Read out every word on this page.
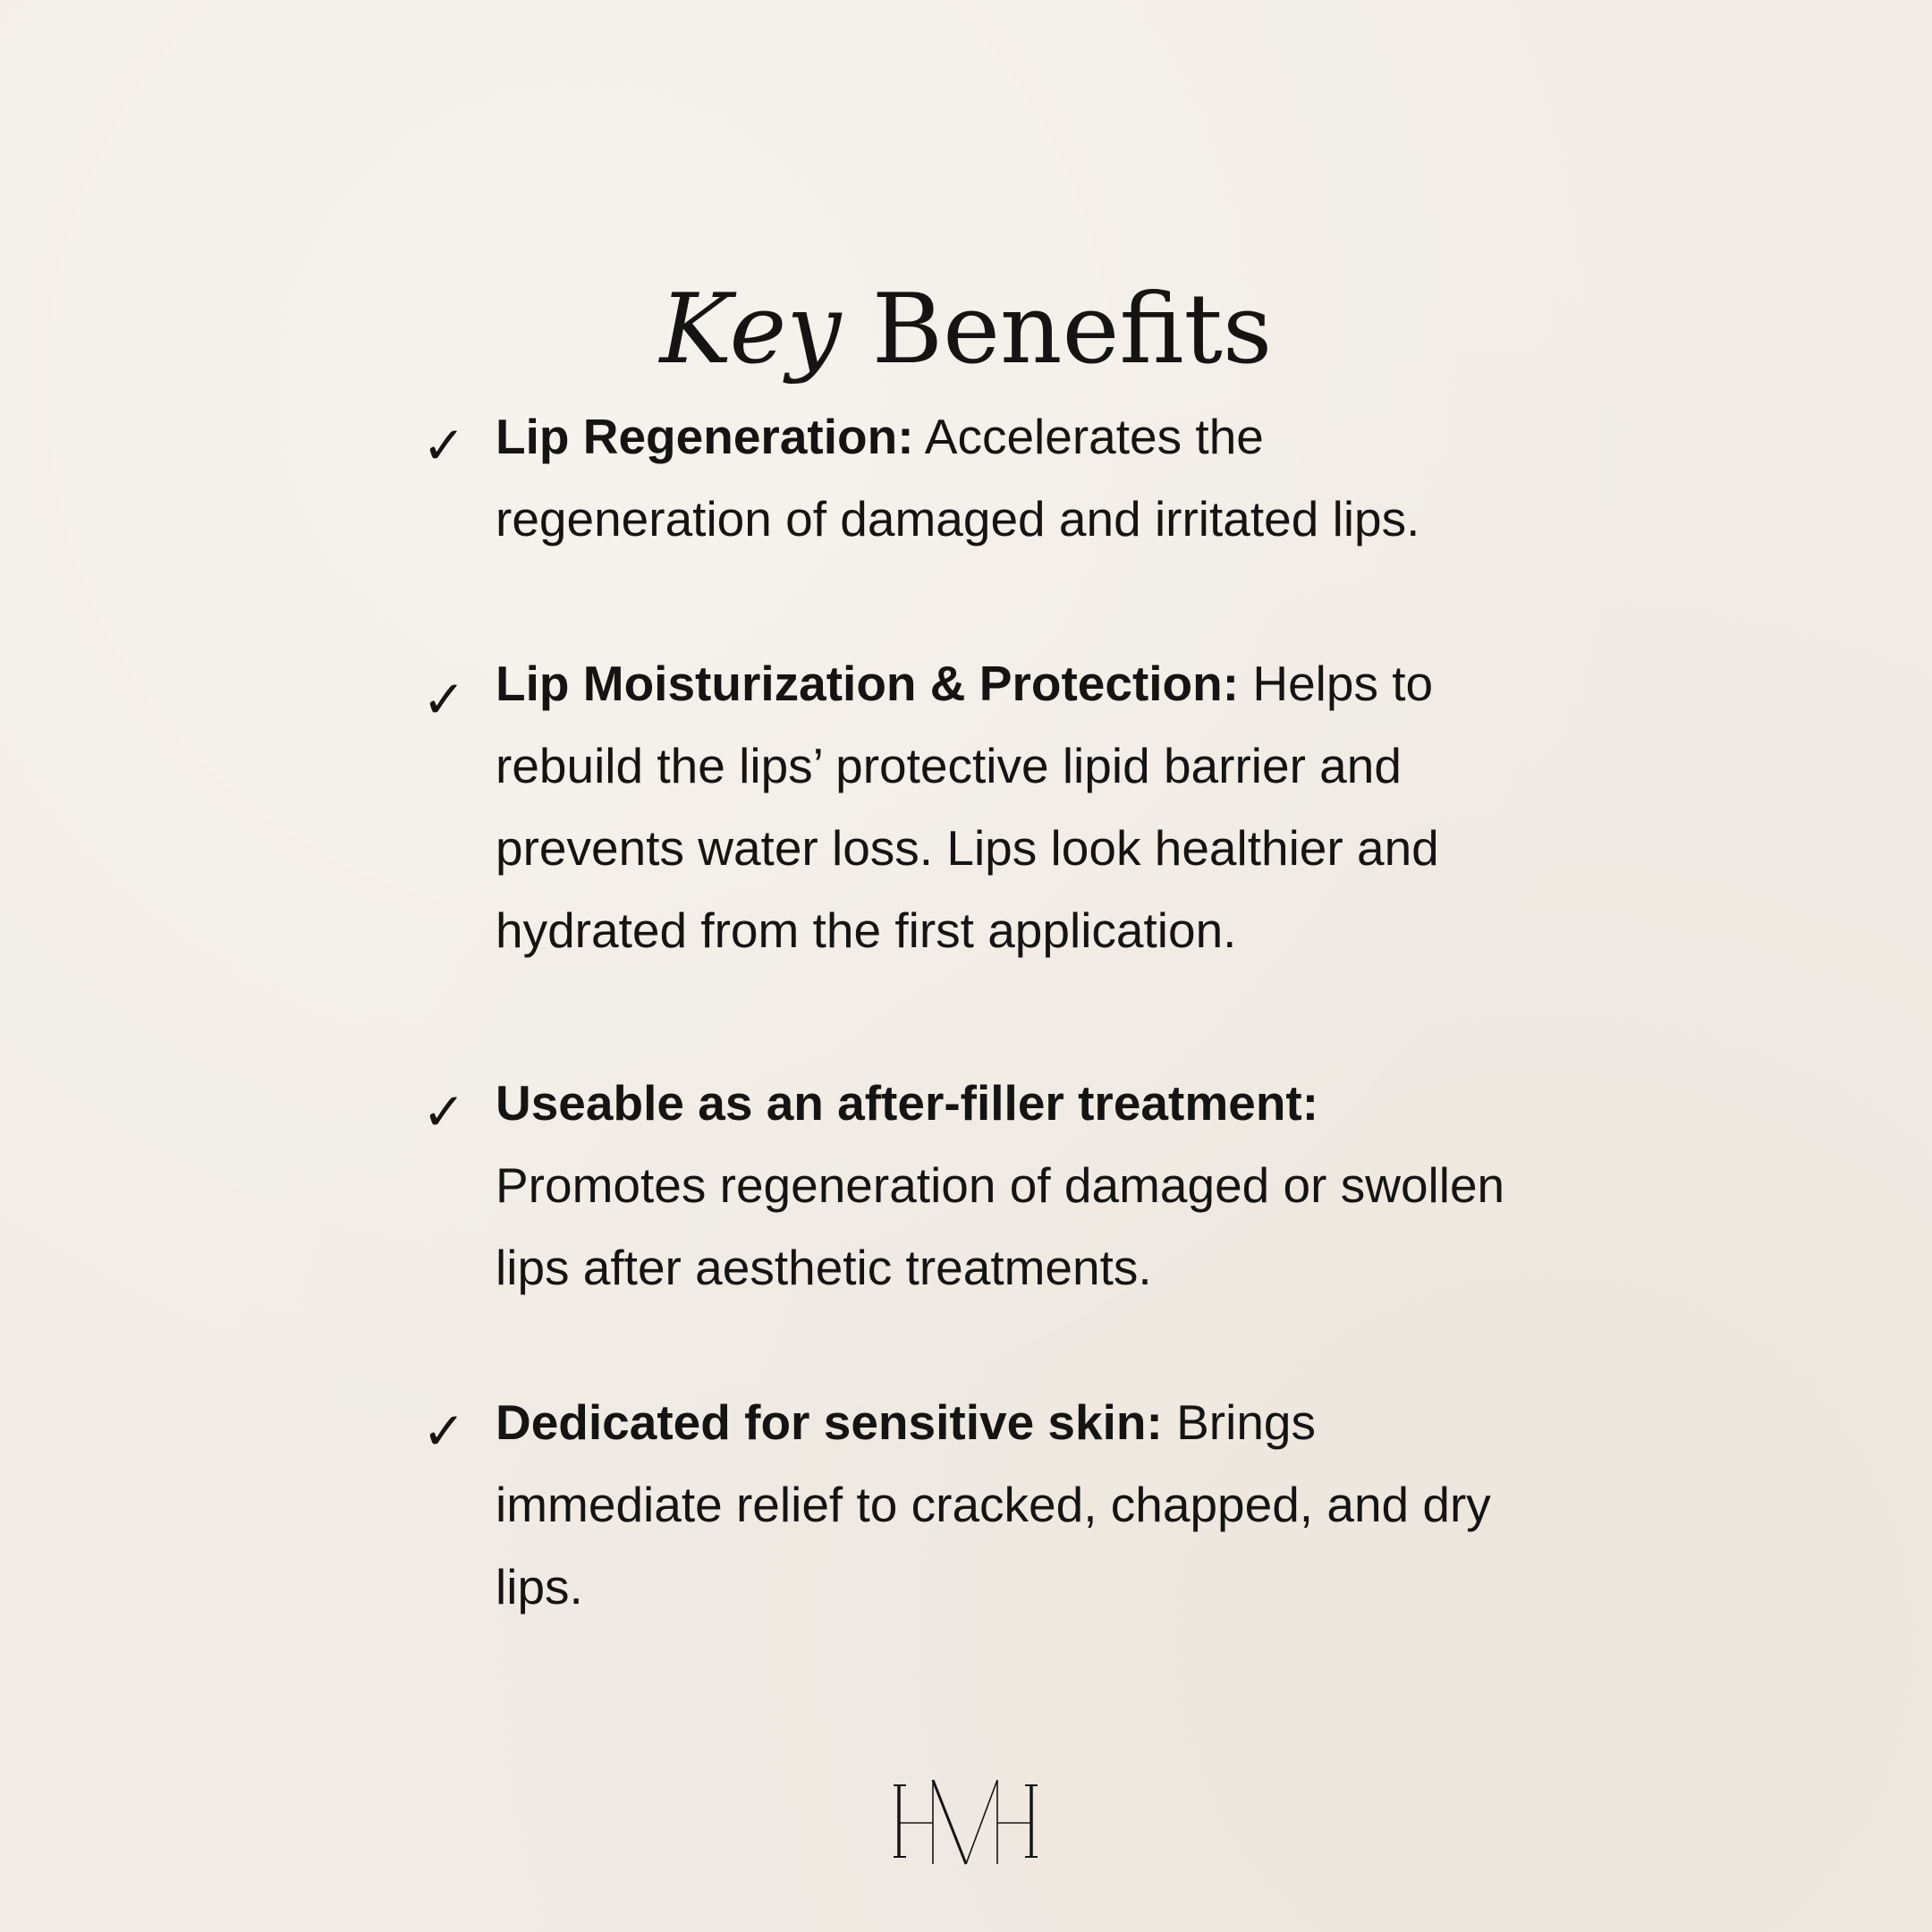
Key Benefits
✓ Lip Regeneration: Accelerates the regeneration of damaged and irritated lips.
✓ Lip Moisturization & Protection: Helps to rebuild the lips’ protective lipid barrier and prevents water loss. Lips look healthier and hydrated from the first application.
✓ Useable as an after-filler treatment: Promotes regeneration of damaged or swollen lips after aesthetic treatments.
✓ Dedicated for sensitive skin: Brings immediate relief to cracked, chapped, and dry lips.
